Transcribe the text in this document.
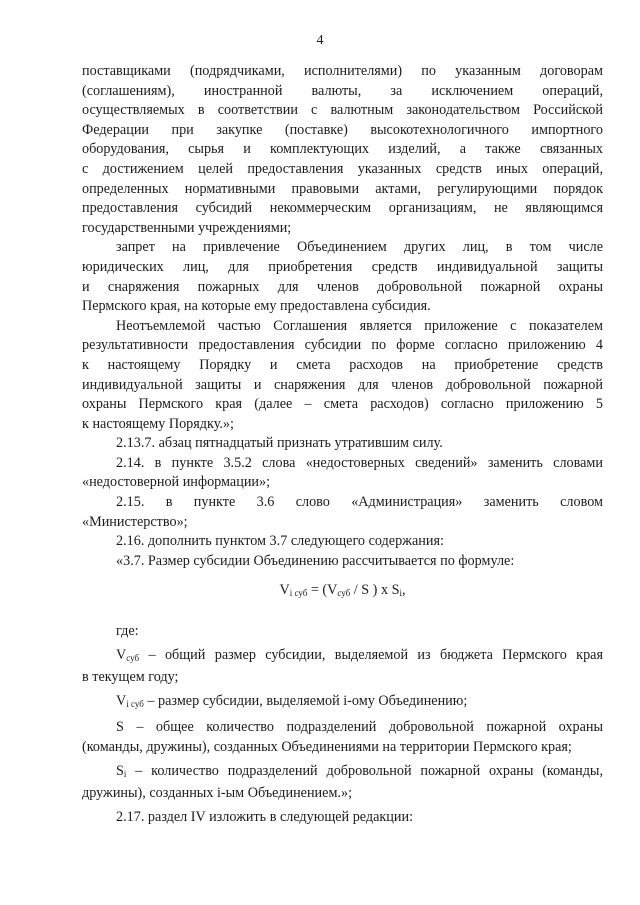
4

поставщиками (подрядчиками, исполнителями) по указанным договорам

(соглашениям), иностранной валюты, за исключением операций,

осуществляемых в соответствии с валютным законодательством Российской

Федерации при закупке (поставке) высокотехнологичного импортного

оборудования, сырья и комплектующих изделий, а также связанных

с достижением целей предоставления указанных средств иных операций,

определенных нормативными правовыми актами, регулирующими порядок

предоставления субсидий некоммерческим организациям, не являющимся

государственными учреждениями;

запрет на привлечение Объединением других лиц, в том числе

юридических лиц, для приобретения средств индивидуальной защиты

и снаряжения пожарных для членов добровольной пожарной охраны

Пермского края, на которые ему предоставлена субсидия.

Неотъемлемой частью Соглашения является приложение с показателем

результативности предоставления субсидии по форме согласно приложению 4

к настоящему Порядку и смета расходов на приобретение средств

индивидуальной защиты и снаряжения для членов добровольной пожарной

охраны Пермского края (далее – смета расходов) согласно приложению 5

к настоящему Порядку.»;

2.13.7. абзац пятнадцатый признать утратившим силу.

2.14. в пункте 3.5.2 слова «недостоверных сведений» заменить словами

«недостоверной информации»;

2.15. в пункте 3.6 слово «Администрация» заменить словом

«Министерство»;

2.16. дополнить пунктом 3.7 следующего содержания:

«3.7. Размер субсидии Объединению рассчитывается по формуле:

$V_{i суб} = (V_{суб} / S$ ) x $S_i$,

где:

$V_{суб}$ – общий размер субсидии, выделяемой из бюджета Пермского края

в текущем году;

$V_{i суб}$ – размер субсидии, выделяемой i-ому Объединению;

S – общее количество подразделений добровольной пожарной охраны

(команды, дружины), созданных Объединениями на территории Пермского края;

$S_i$ – количество подразделений добровольной пожарной охраны (команды,

дружины), созданных i-ым Объединением.»;

2.17. раздел IV изложить в следующей редакции:
